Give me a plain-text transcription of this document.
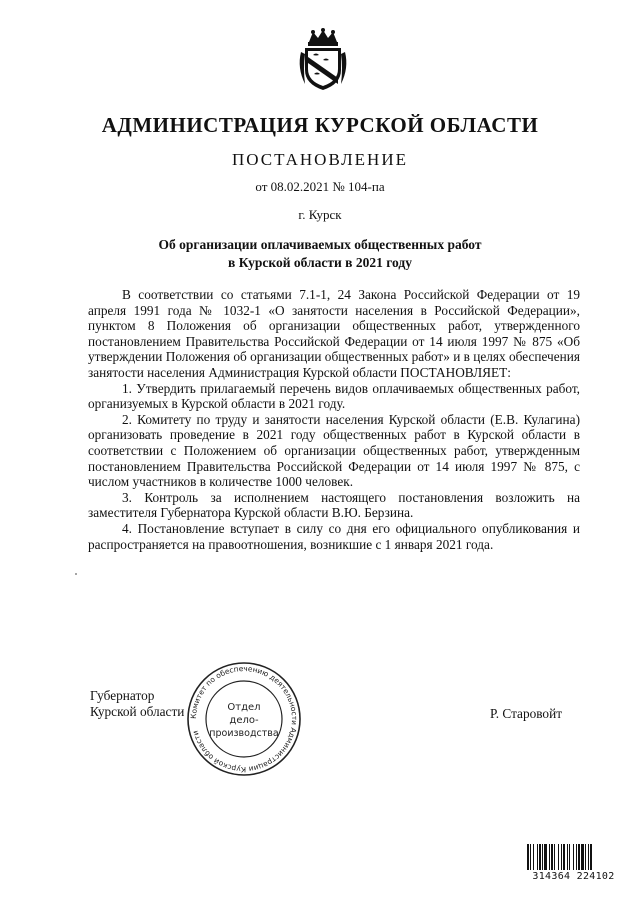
АДМИНИСТРАЦИЯ КУРСКОЙ ОБЛАСТИ
ПОСТАНОВЛЕНИЕ
от 08.02.2021 № 104-па
г. Курск
Об организации оплачиваемых общественных работ
в Курской области в 2021 году

В соответствии со статьями 7.1-1, 24 Закона Российской Федерации от 19 апреля 1991 года № 1032-1 «О занятости населения в Российской Федерации», пунктом 8 Положения об организации общественных работ, утвержденного постановлением Правительства Российской Федерации от 14 июля 1997 № 875 «Об утверждении Положения об организации общественных работ» и в целях обеспечения занятости населения Администрация Курской области ПОСТАНОВЛЯЕТ:

1. Утвердить прилагаемый перечень видов оплачиваемых общественных работ, организуемых в Курской области в 2021 году.

2. Комитету по труду и занятости населения Курской области (Е.В. Кулагина) организовать проведение в 2021 году общественных работ в Курской области в соответствии с Положением об организации общественных работ, утвержденным постановлением Правительства Российской Федерации от 14 июля 1997 № 875, с числом участников в количестве 1000 человек.

3. Контроль за исполнением настоящего постановления возложить на заместителя Губернатора Курской области В.Ю. Берзина.

4. Постановление вступает в силу со дня его официального опубликования и распространяется на правоотношения, возникшие с 1 января 2021 года.

Губернатор
Курской области Комитет по обеспечению деятельности Администрации Курской области
Отдел
дело-
производства
Р. Старовойт
314364 224102
